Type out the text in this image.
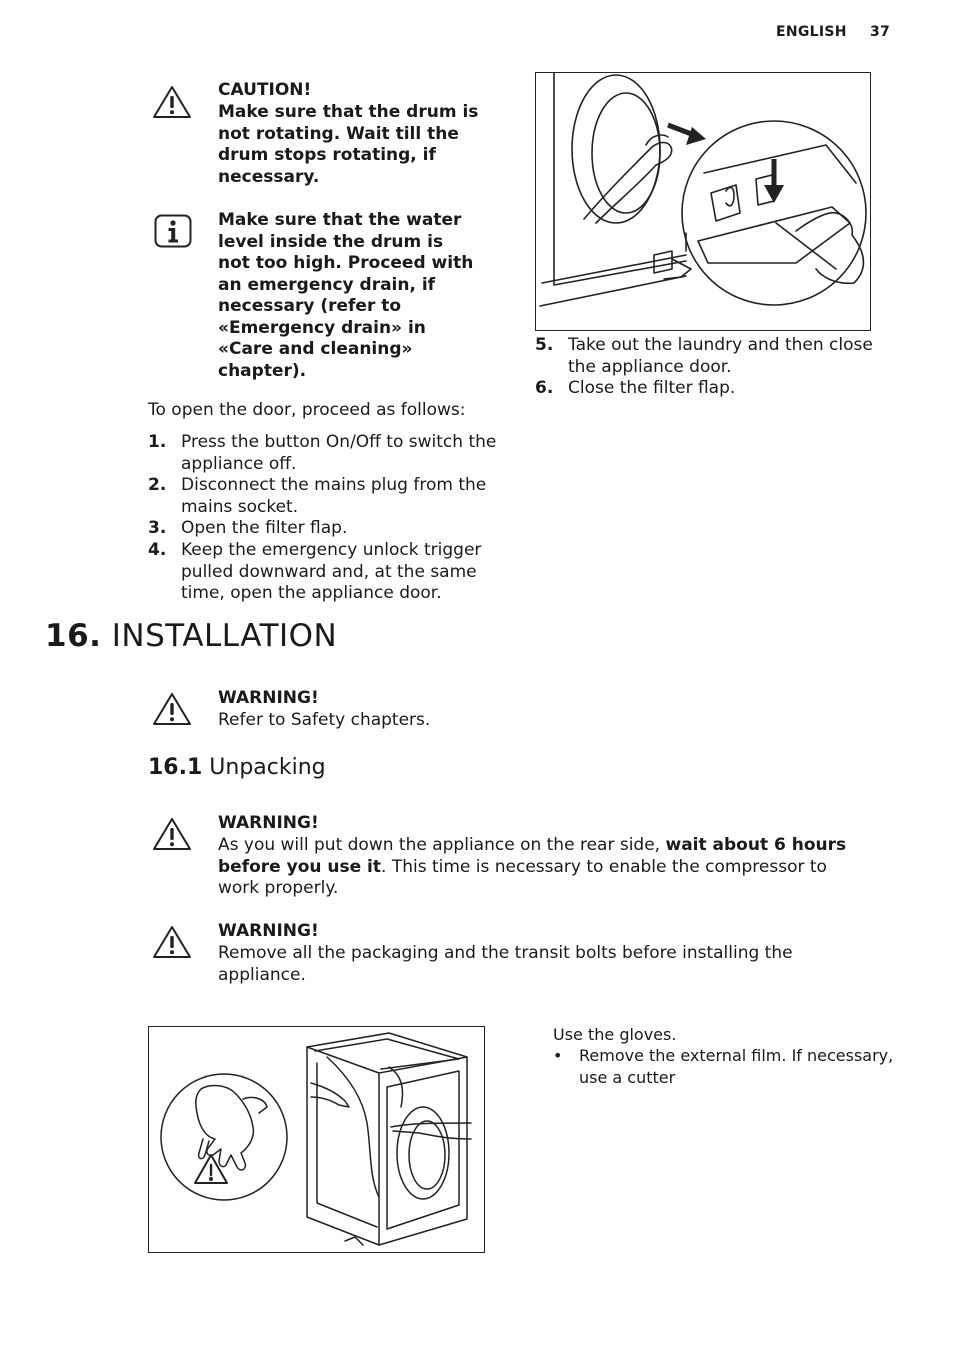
ENGLISH 37
CAUTION!
Make sure that the drum is not rotating. Wait till the drum stops rotating, if necessary.
Make sure that the water level inside the drum is not too high. Proceed with an emergency drain, if necessary (refer to «Emergency drain» in «Care and cleaning» chapter).
To open the door, proceed as follows:
1. Press the button On/Off to switch the appliance off.
2. Disconnect the mains plug from the mains socket.
3. Open the filter flap.
4. Keep the emergency unlock trigger pulled downward and, at the same time, open the appliance door.
5. Take out the laundry and then close the appliance door.
6. Close the filter flap.
16. INSTALLATION
WARNING!
Refer to Safety chapters.
16.1 Unpacking
WARNING!
As you will put down the appliance on the rear side, wait about 6 hours before you use it. This time is necessary to enable the compressor to work properly.
WARNING!
Remove all the packaging and the transit bolts before installing the appliance.
Use the gloves.
• Remove the external film. If necessary, use a cutter
